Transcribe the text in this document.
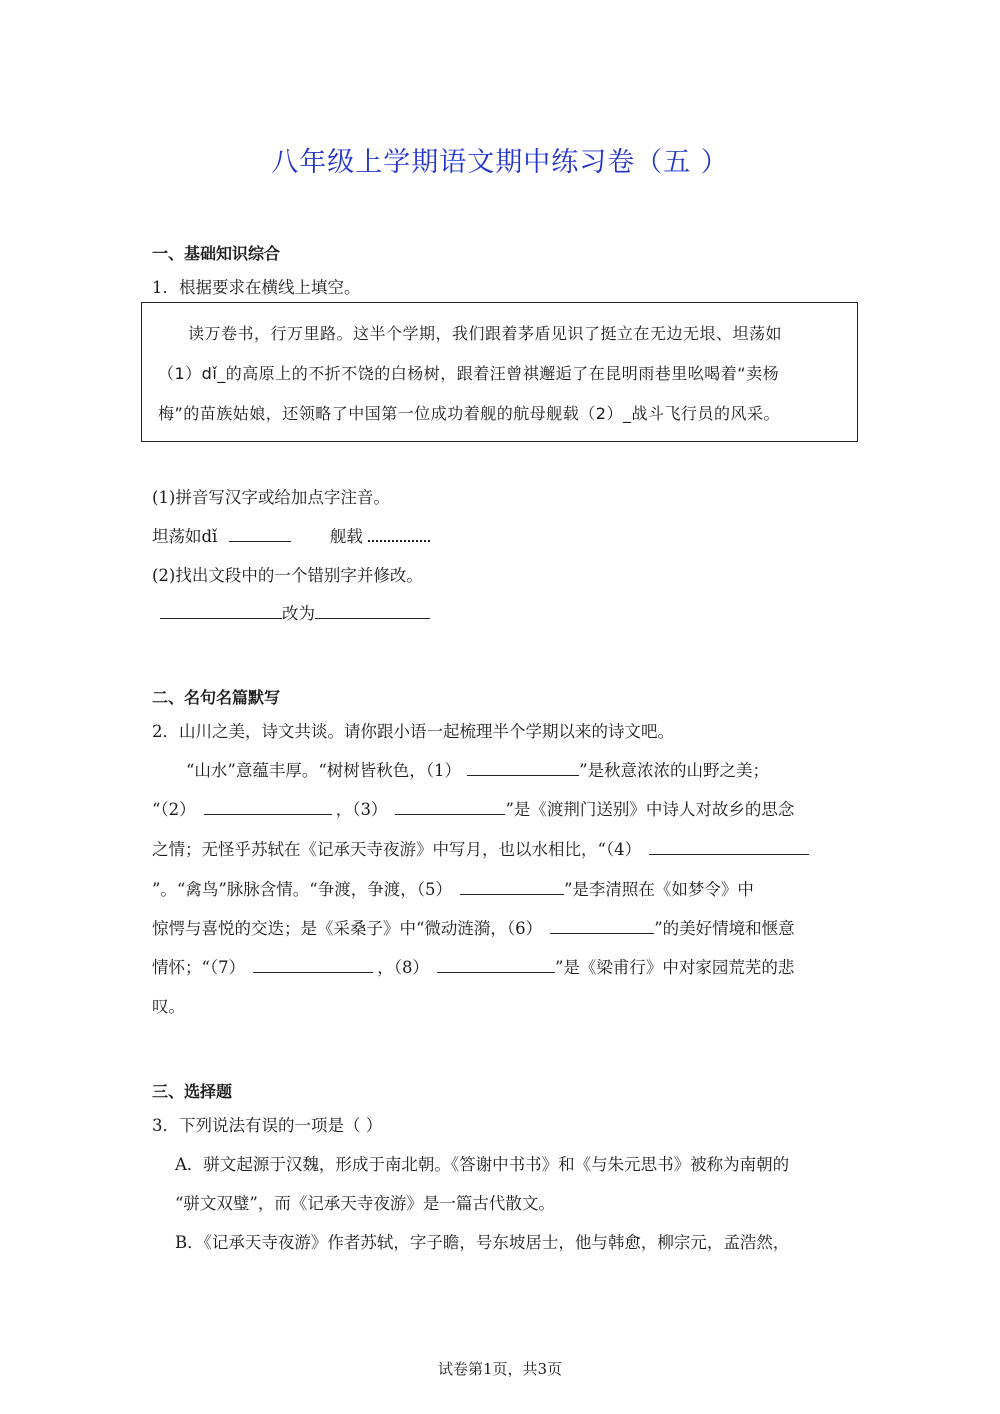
八年级上学期语文期中练习卷（五 ）
一、基础知识综合
1．根据要求在横线上填空。
读万卷书，行万里路。这半个学期，我们跟着茅盾见识了挺立在无边无垠、坦荡如
（1）dǐ_的高原上的不折不饶的白杨树，跟着汪曾祺邂逅了在昆明雨巷里吆喝着“卖杨
梅”的苗族姑娘，还领略了中国第一位成功着舰的航母舰载（2）_战斗飞行员的风采。
(1)拼音写汉字或给加点字注音。
坦荡如dǐ	舰载
(2)找出文段中的一个错别字并修改。
改为
二、名句名篇默写
2．山川之美，诗文共谈。请你跟小语一起梳理半个学期以来的诗文吧。
“山水”意蕴丰厚。“树树皆秋色，（1）	”是秋意浓浓的山野之美；
“（2）	，（3）	”是《渡荆门送别》中诗人对故乡的思念
之情；无怪乎苏轼在《记承天寺夜游》中写月，也以水相比，“（4）
”。“禽鸟”脉脉含情。“争渡，争渡，（5）	”是李清照在《如梦令》中
惊愕与喜悦的交迭；是《采桑子》中“微动涟漪，（6）	”的美好情境和惬意
情怀；“（7）	，（8）	”是《梁甫行》中对家园荒芜的悲
叹。
三、选择题
3．下列说法有误的一项是（ ）
A．骈文起源于汉魏，形成于南北朝。《答谢中书书》和《与朱元思书》被称为南朝的
“骈文双璧”，而《记承天寺夜游》是一篇古代散文。
B．《记承天寺夜游》作者苏轼，字子瞻，号东坡居士，他与韩愈，柳宗元，孟浩然，
试卷第1页，共3页
